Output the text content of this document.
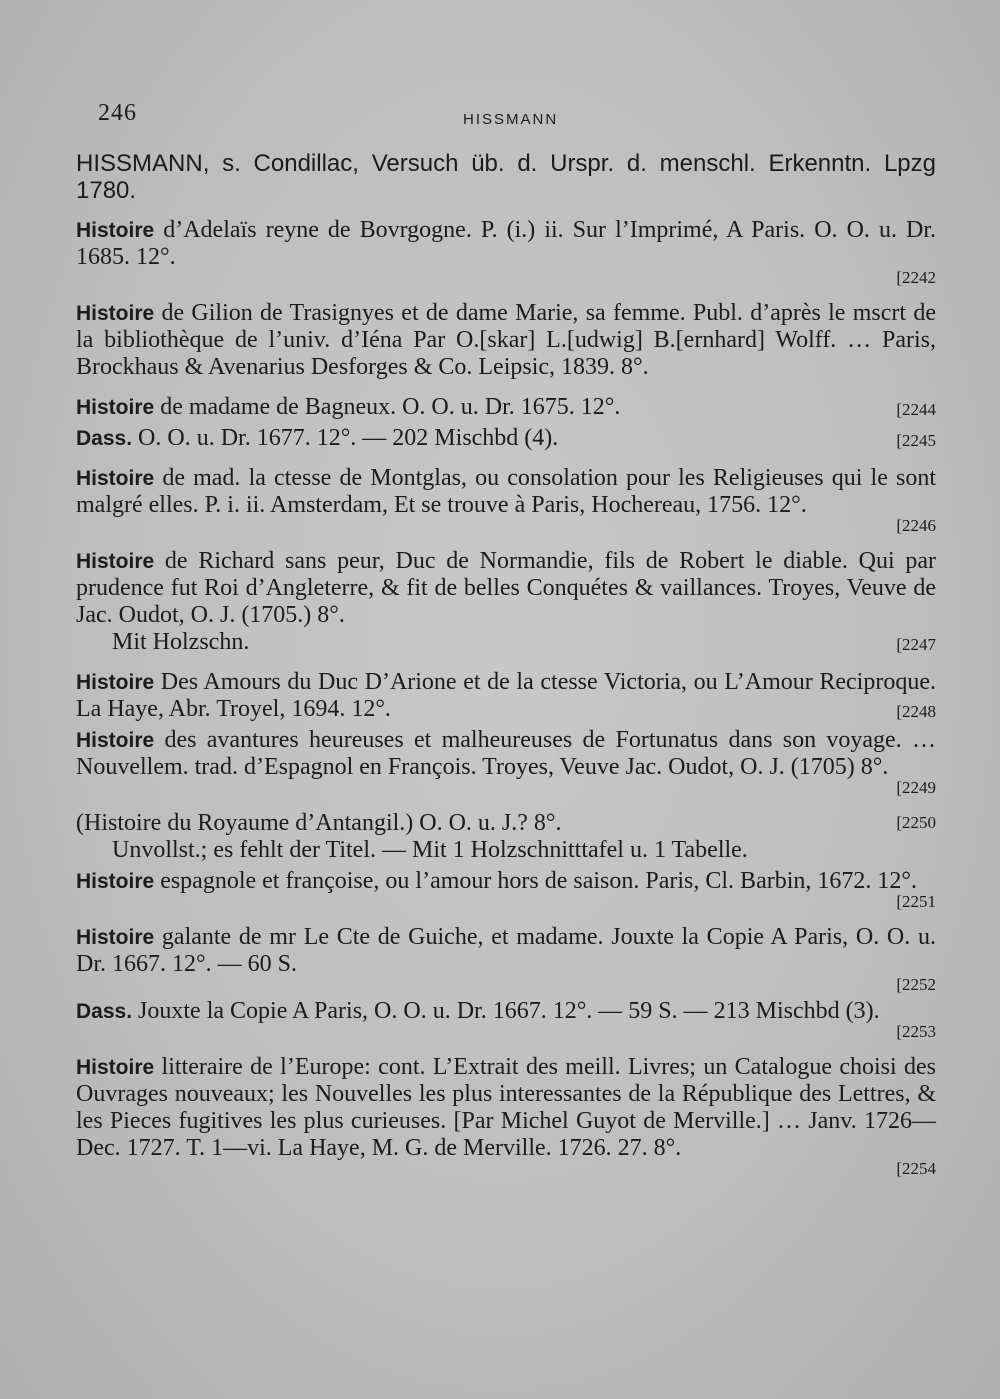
246	HISSMANN
HISSMANN, s. Condillac, Versuch üb. d. Urspr. d. menschl. Erkenntn. Lpzg 1780.
Histoire d’Adelaïs reyne de Bovrgogne. P. (i.) ii. Sur l’Imprimé, A Paris. O. O. u. Dr. 1685. 12°.
[2242
Histoire de Gilion de Trasignyes et de dame Marie, sa femme. Publ. d’après le mscrt de la bibliothèque de l’univ. d’Iéna Par O.[skar] L.[udwig] B.[ernhard] Wolff. … Paris, Brockhaus & Avenarius Desforges & Co. Leipsic, 1839. 8°.
Histoire de madame de Bagneux. O. O. u. Dr. 1675. 12°.	[2244
Dass. O. O. u. Dr. 1677. 12°. — 202 Mischbd (4).	[2245
Histoire de mad. la ctesse de Montglas, ou consolation pour les Religieuses qui le sont malgré elles. P. i. ii. Amsterdam, Et se trouve à Paris, Hochereau, 1756. 12°.
[2246
Histoire de Richard sans peur, Duc de Normandie, fils de Robert le diable. Qui par prudence fut Roi d’Angleterre, & fit de belles Conquétes & vaillances. Troyes, Veuve de Jac. Oudot, O. J. (1705.) 8°.
Mit Holzschn.	[2247
Histoire Des Amours du Duc D’Arione et de la ctesse Victoria, ou L’Amour Reciproque. La Haye, Abr. Troyel, 1694. 12°.	[2248
Histoire des avantures heureuses et malheureuses de Fortunatus dans son voyage. … Nouvellem. trad. d’Espagnol en François. Troyes, Veuve Jac. Oudot, O. J. (1705) 8°.
[2249
(Histoire du Royaume d’Antangil.) O. O. u. J.? 8°.
Unvollst.; es fehlt der Titel. — Mit 1 Holzschnitttafel u. 1 Tabelle.
[2250
Histoire espagnole et françoise, ou l’amour hors de saison. Paris, Cl. Barbin, 1672. 12°.
[2251
Histoire galante de mr Le Cte de Guiche, et madame. Jouxte la Copie A Paris, O. O. u. Dr. 1667. 12°. — 60 S.
[2252
Dass. Jouxte la Copie A Paris, O. O. u. Dr. 1667. 12°. — 59 S. — 213 Mischbd (3).
[2253
Histoire litteraire de l’Europe: cont. L’Extrait des meill. Livres; un Catalogue choisi des Ouvrages nouveaux; les Nouvelles les plus interessantes de la République des Lettres, & les Pieces fugitives les plus curieuses. [Par Michel Guyot de Merville.] … Janv. 1726—Dec. 1727. T. 1—vi. La Haye, M. G. de Merville. 1726. 27. 8°.
[2254
